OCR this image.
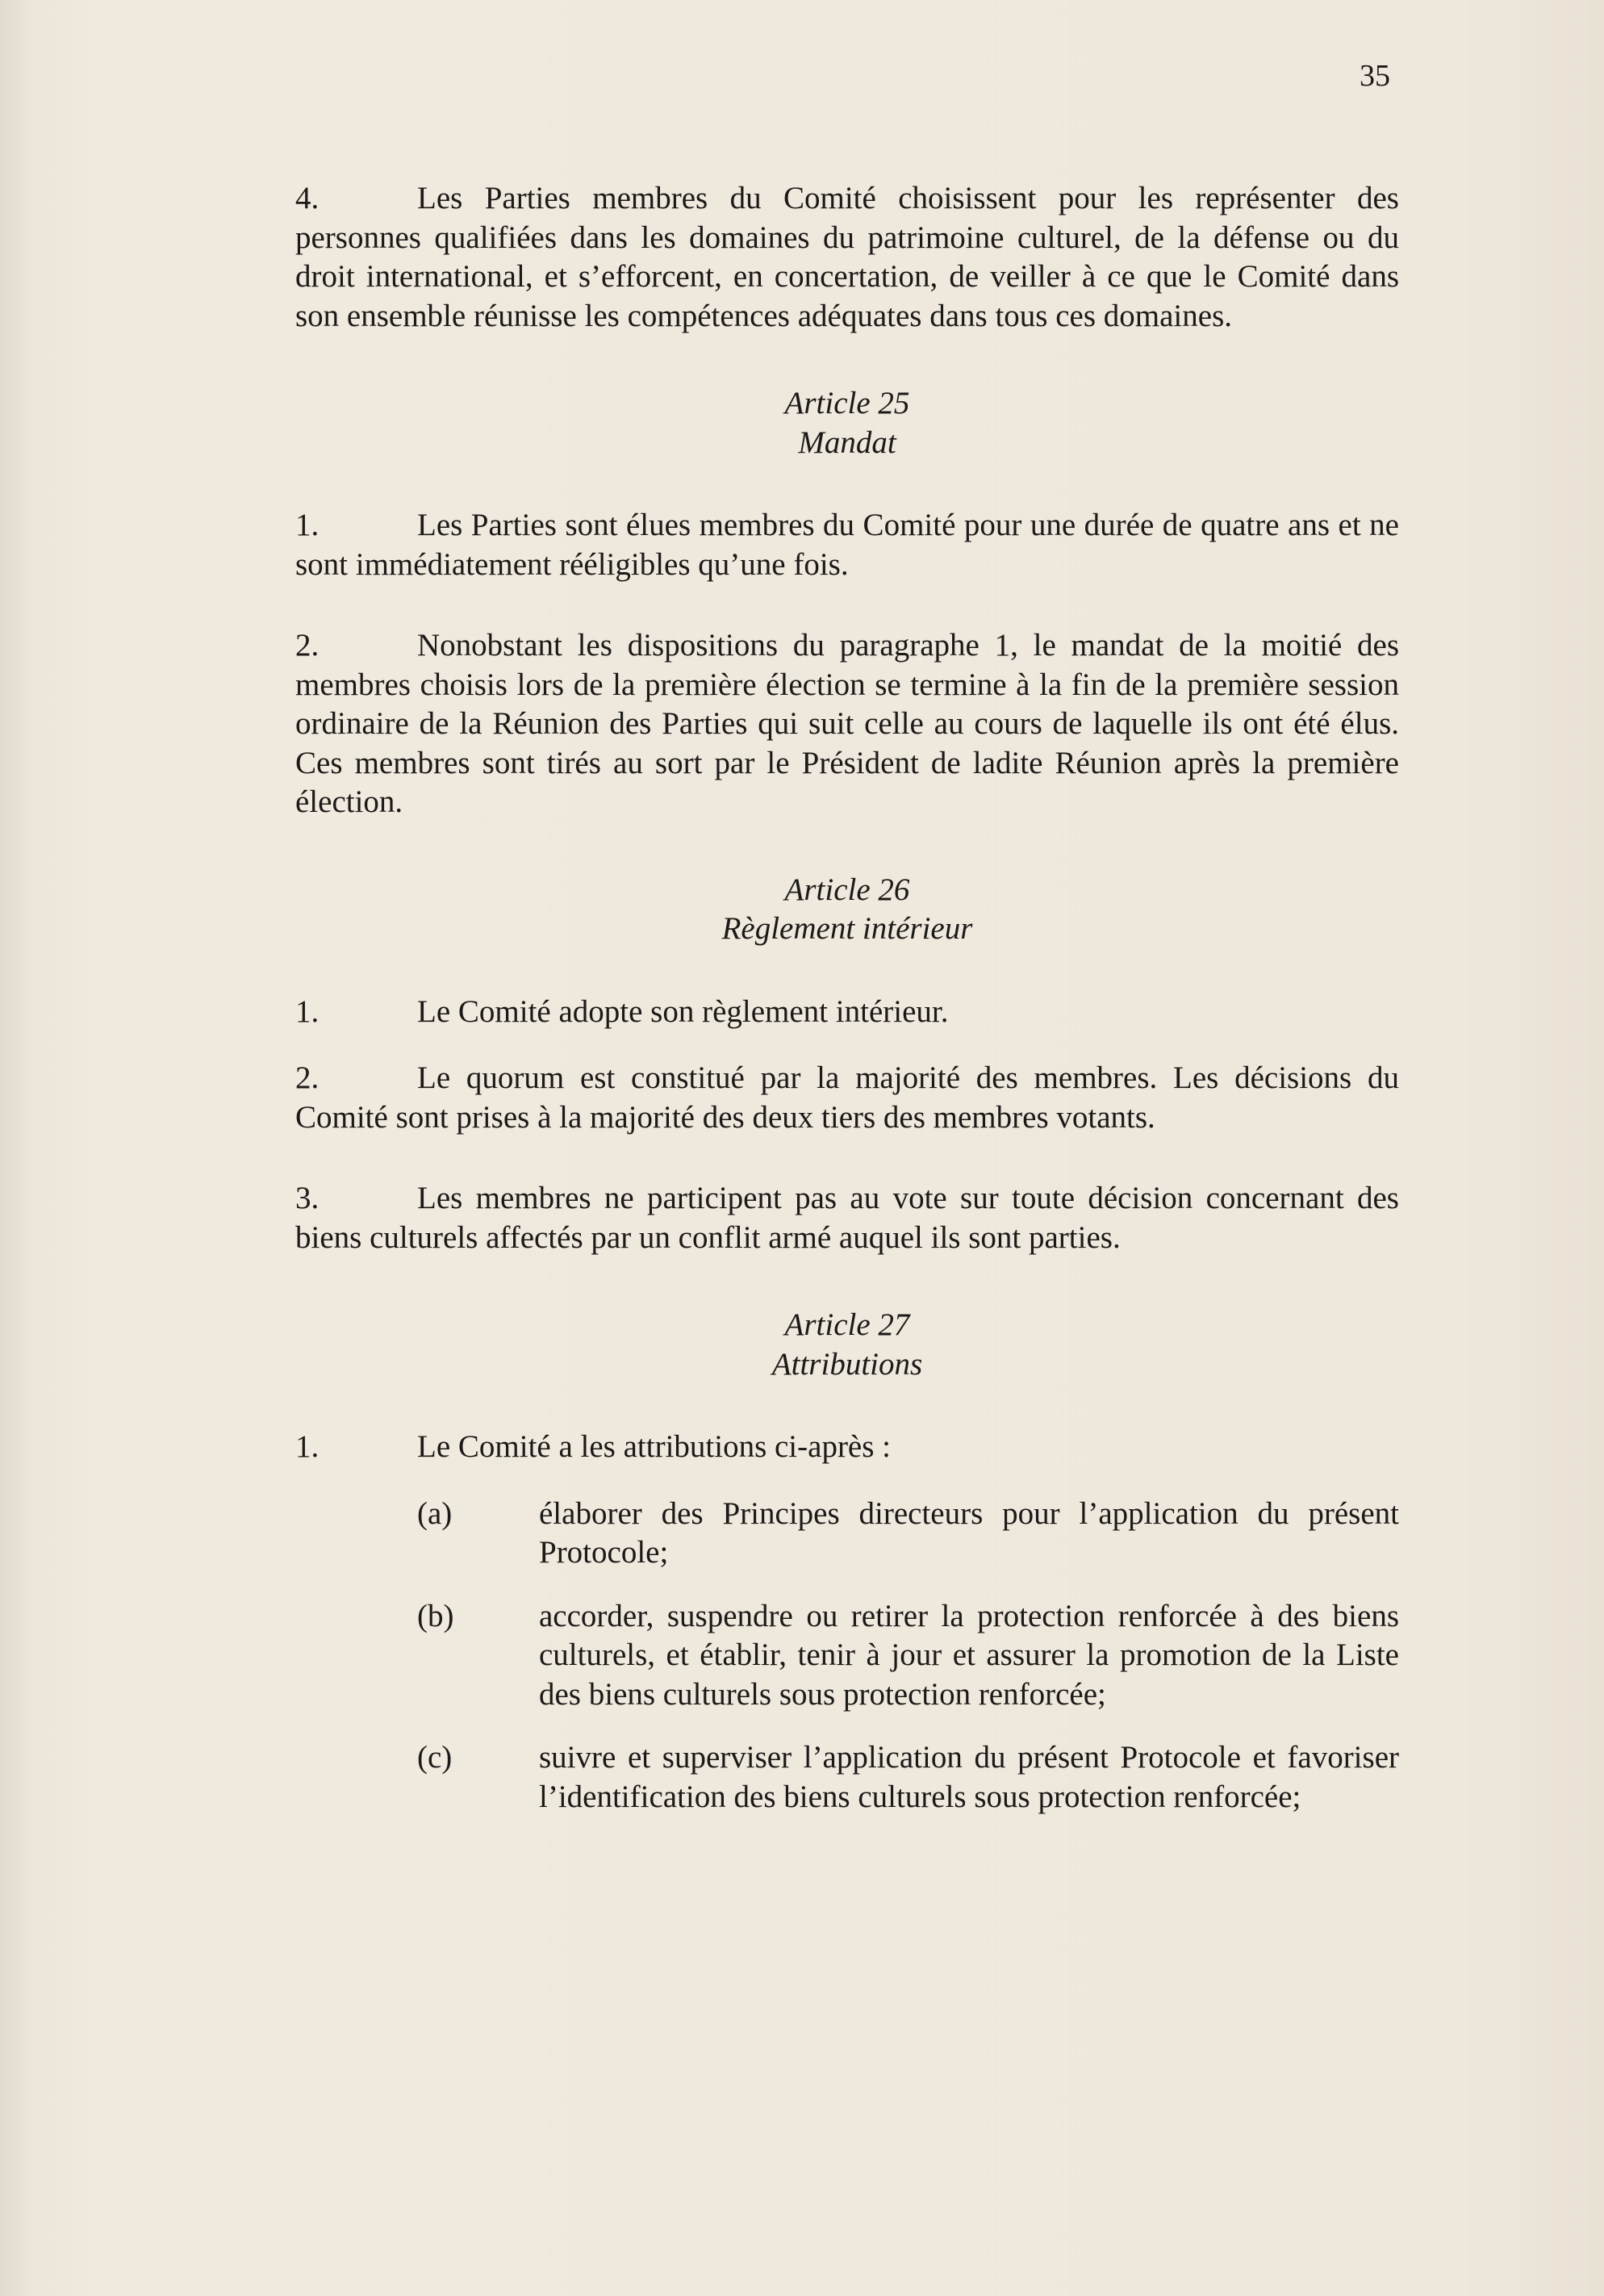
35

4.	Les Parties membres du Comité choisissent pour les représenter des personnes qualifiées dans les domaines du patrimoine culturel, de la défense ou du droit international, et s’efforcent, en concertation, de veiller à ce que le Comité dans son ensemble réunisse les compétences adéquates dans tous ces domaines.

Article 25
Mandat

1.	Les Parties sont élues membres du Comité pour une durée de quatre ans et ne sont immédiatement rééligibles qu’une fois.

2.	Nonobstant les dispositions du paragraphe 1, le mandat de la moitié des membres choisis lors de la première élection se termine à la fin de la première session ordinaire de la Réunion des Parties qui suit celle au cours de laquelle ils ont été élus. Ces membres sont tirés au sort par le Président de ladite Réunion après la première élection.

Article 26
Règlement intérieur

1.	Le Comité adopte son règlement intérieur.

2.	Le quorum est constitué par la majorité des membres. Les décisions du Comité sont prises à la majorité des deux tiers des membres votants.

3.	Les membres ne participent pas au vote sur toute décision concernant des biens culturels affectés par un conflit armé auquel ils sont parties.

Article 27
Attributions

1.	Le Comité a les attributions ci-après :

(a)	élaborer des Principes directeurs pour l’application du présent Protocole;
(b)	accorder, suspendre ou retirer la protection renforcée à des biens culturels, et établir, tenir à jour et assurer la promotion de la Liste des biens culturels sous protection renforcée;
(c)	suivre et superviser l’application du présent Protocole et favoriser l’identification des biens culturels sous protection renforcée;
